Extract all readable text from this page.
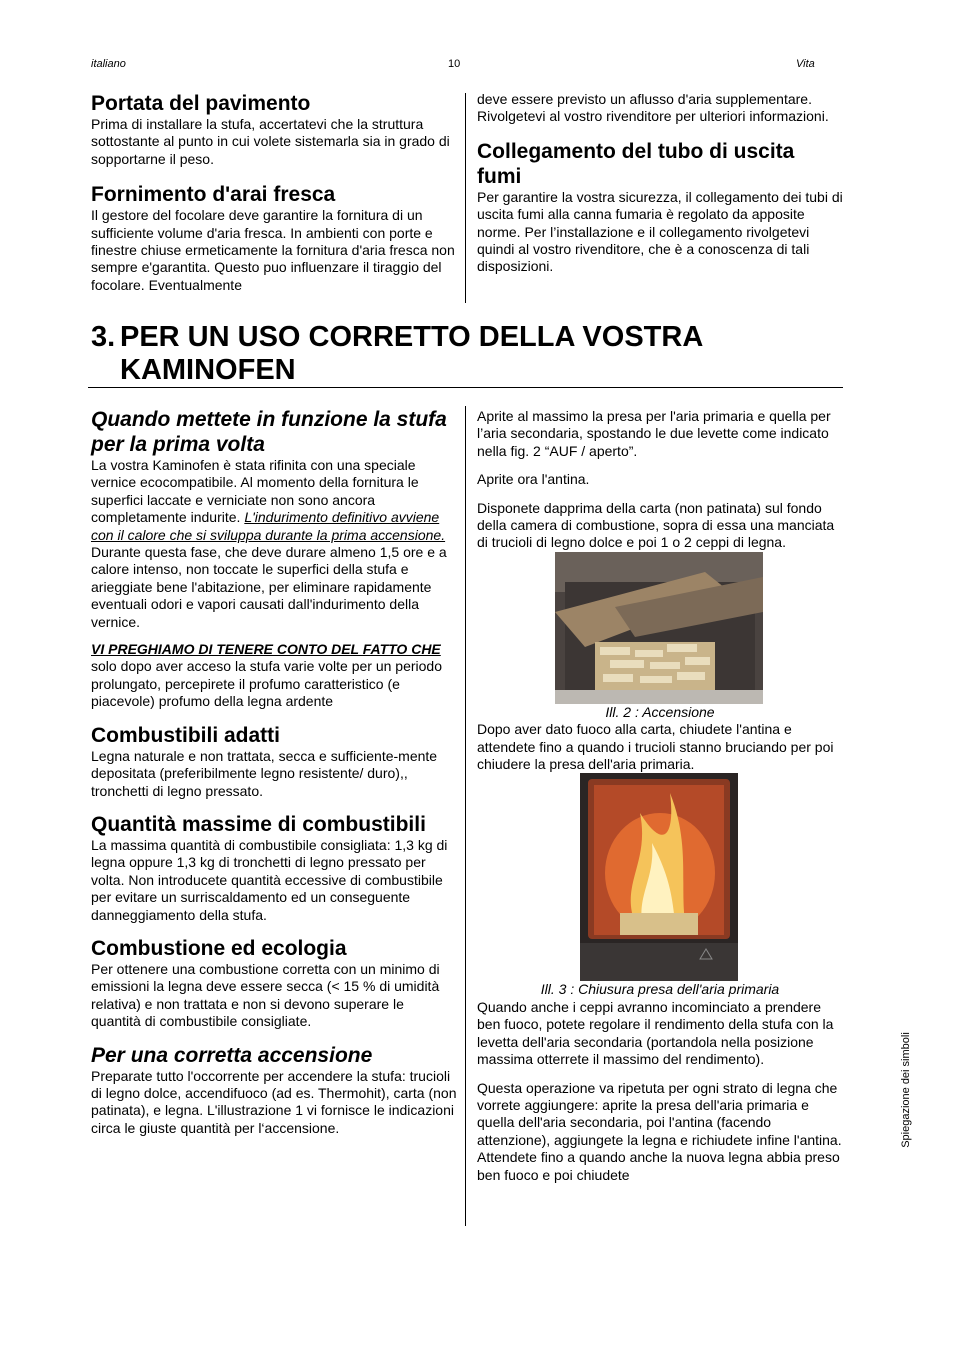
italiano	10	Vita
Portata del pavimento

Prima di installare la stufa, accertatevi che la struttura sottostante al punto in cui volete sistemarla sia in grado di sopportarne il peso.

Fornimento d'arai fresca

Il gestore del focolare deve garantire la fornitura di un sufficiente volume d'aria fresca. In ambienti con porte e finestre chiuse ermeticamente la fornitura d'aria fresca non sempre e'garantita. Questo puo influenzare il tiraggio del focolare. Eventualmente

deve essere previsto un aflusso d'aria supplementare. Rivolgetevi al vostro rivenditore per ulteriori informazioni.

Collegamento del tubo di uscita fumi

Per garantire la vostra sicurezza, il collegamento dei tubi di uscita fumi alla canna fumaria è regolato da apposite norme. Per l’installazione e il collegamento rivolgetevi quindi al vostro rivenditore, che è a conoscenza di tali disposizioni.

3. PER UN USO CORRETTO DELLA VOSTRA KAMINOFEN
Quando mettete in funzione la stufa per la prima volta

La vostra Kaminofen è stata rifinita con una speciale vernice ecocompatibile. Al momento della fornitura le superfici laccate e verniciate non sono ancora completamente indurite. L'indurimento definitivo avviene con il calore che si sviluppa durante la prima accensione. Durante questa fase, che deve durare almeno 1,5 ore e a calore intenso, non toccate le superfici della stufa e arieggiate bene l'abitazione, per eliminare rapidamente eventuali odori e vapori causati dall'indurimento della vernice.

VI PREGHIAMO DI TENERE CONTO DEL FATTO CHE solo dopo aver acceso la stufa varie volte per un periodo prolungato, percepirete il profumo caratteristico (e piacevole) profumo della legna ardente

Combustibili adatti

Legna naturale e non trattata, secca e sufficiente-mente depositata (preferibilmente legno resistente/ duro),, tronchetti di legno pressato.

Quantità massime di combustibili

La massima quantità di combustibile consigliata: 1,3 kg di legna oppure 1,3 kg di tronchetti di legno pressato per volta. Non introducete quantità eccessive di combustibile per evitare un surriscaldamento ed un conseguente danneggiamento della stufa.

Combustione ed ecologia

Per ottenere una combustione corretta con un minimo di emissioni la legna deve essere secca (< 15 % di umidità relativa) e non trattata e non si devono superare le quantità di combustibile consigliate.

Per una corretta accensione

Preparate tutto l'occorrente per accendere la stufa: trucioli di legno dolce, accendifuoco (ad es. Thermohit), carta (non patinata), e legna. L'illustrazione 1 vi fornisce le indicazioni circa le giuste quantità per l‘accensione.

Aprite al massimo la presa per l'aria primaria e quella per l’aria secondaria, spostando le due levette come indicato nella fig. 2 “AUF / aperto”.

Aprite ora l'antina.

Disponete dapprima della carta (non patinata) sul fondo della camera di combustione, sopra di essa una manciata di trucioli di legno dolce e poi 1 o 2 ceppi di legna.

Ill. 2 : Accensione

Dopo aver dato fuoco alla carta, chiudete l'antina e attendete fino a quando i trucioli stanno bruciando per poi chiudere la presa dell'aria primaria.

Ill. 3 : Chiusura presa dell'aria primaria

Quando anche i ceppi avranno incominciato a prendere ben fuoco, potete regolare il rendimento della stufa con la levetta dell'aria secondaria (portandola nella posizione massima otterrete il massimo del rendimento).

Questa operazione va ripetuta per ogni strato di legna che vorrete aggiungere: aprite la presa dell'aria primaria e quella dell'aria secondaria, poi l'antina (facendo attenzione), aggiungete la legna e richiudete infine l'antina. Attendete fino a quando anche la nuova legna abbia preso ben fuoco e poi chiudete

Spiegazione dei simboli
